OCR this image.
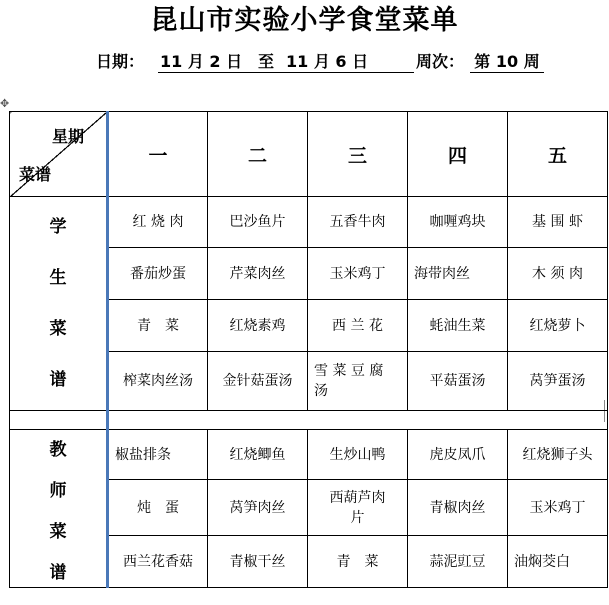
昆山市实验小学食堂菜单
日期： 11 月 2 日 至 11 月 6 日	周次： 第 10 周
✥
星期
菜谱	一	二	三	四	五

学
生
菜
谱	红 烧 肉	巴沙鱼片	五香牛肉	咖喱鸡块	基 围 虾
	番茄炒蛋	芹菜肉丝	玉米鸡丁	海带肉丝	木 须 肉
	青　菜	红烧素鸡	西 兰 花	蚝油生菜	红烧萝卜
	榨菜肉丝汤	金针菇蛋汤	雪 菜 豆 腐 汤	平菇蛋汤	莴笋蛋汤

教
师
菜
谱	椒盐排条	红烧鲫鱼	生炒山鸭	虎皮凤爪	红烧狮子头
	炖　蛋	莴笋肉丝	西葫芦肉 片	青椒肉丝	玉米鸡丁
	西兰花香菇	青椒干丝	青　菜	蒜泥豇豆	油焖茭白
